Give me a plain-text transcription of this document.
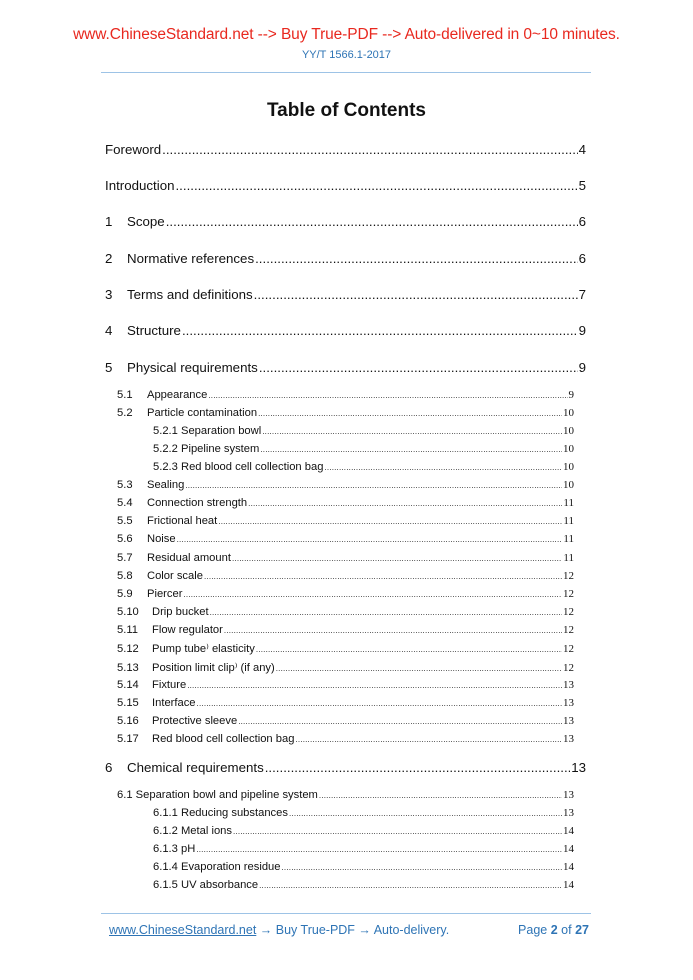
www.ChineseStandard.net --> Buy True-PDF --> Auto-delivered in 0~10 minutes.
YY/T 1566.1-2017
Table of Contents
Foreword .....	4
Introduction .....	5
1	Scope .....	6
2	Normative references .....	6
3	Terms and definitions .....	7
4	Structure .....	9
5	Physical requirements .....	9
5.1	Appearance .....	9
5.2	Particle contamination .....	10
5.2.1 Separation bowl .....	10
5.2.2 Pipeline system .....	10
5.2.3 Red blood cell collection bag .....	10
5.3	Sealing .....	10
5.4	Connection strength .....	11
5.5	Frictional heat .....	11
5.6	Noise .....	11
5.7	Residual amount .....	11
5.8	Color scale .....	12
5.9	Piercer .....	12
5.10	Drip bucket .....	12
5.11	Flow regulator .....	12
5.12	Pump tube⁾ elasticity .....	12
5.13	Position limit clip⁾ (if any) .....	12
5.14	Fixture .....	13
5.15	Interface .....	13
5.16	Protective sleeve .....	13
5.17	Red blood cell collection bag .....	13
6	Chemical requirements .....	13
6.1 Separation bowl and pipeline system .....	13
6.1.1 Reducing substances .....	13
6.1.2 Metal ions .....	14
6.1.3 pH .....	14
6.1.4 Evaporation residue .....	14
6.1.5 UV absorbance .....	14
www.ChineseStandard.net → Buy True-PDF → Auto-delivery.	Page 2 of 27
